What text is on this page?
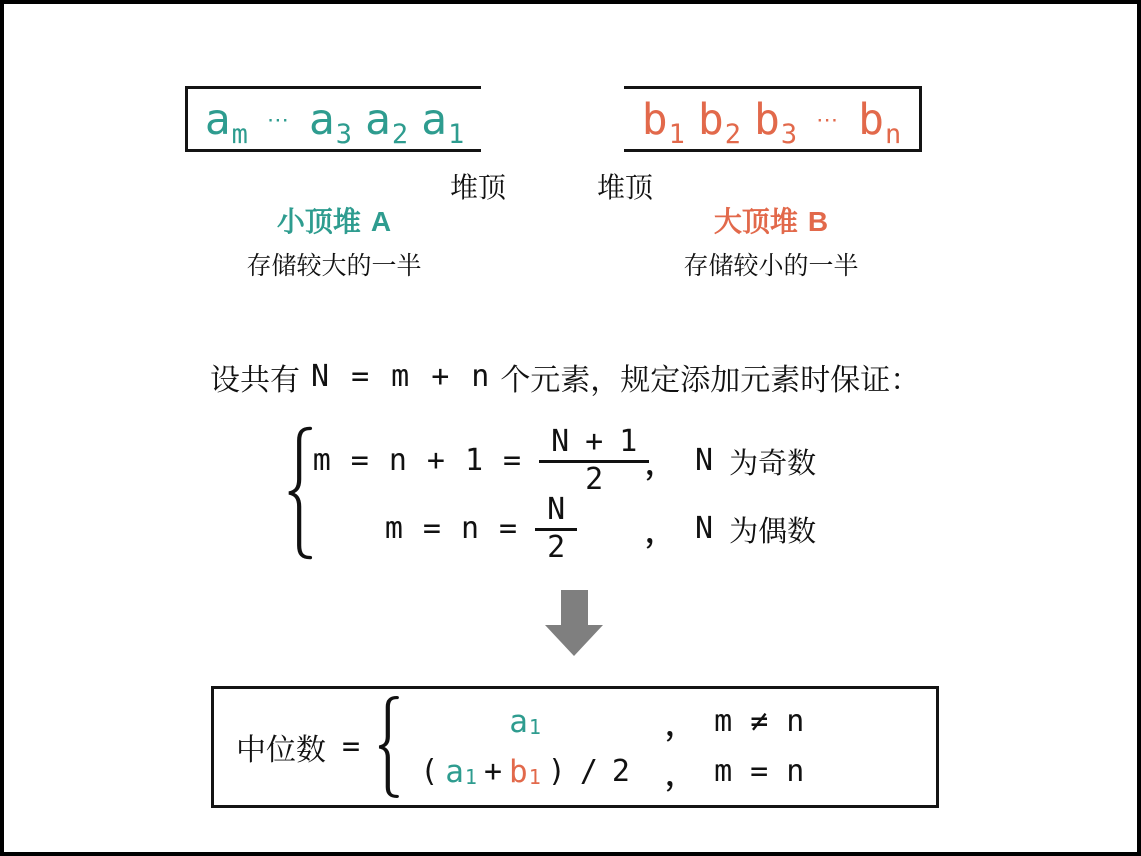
a m ⋯ a 3 a 2 a 1	b 1 b 2 b 3 ⋯ b n
堆顶	堆顶
小顶堆 A	大顶堆 B
存储较大的一半	存储较小的一半
设共有 N = m + n 个元素，规定添加元素时保证：
$m = n + 1 = \frac{N + 1}{2}$
， N 为奇数
$m = n = \frac{N}{2}$ ， N 为偶数
中位数 =
a 1	， m ≠ n
( a 1 + b 1 ) / 2 ， m = n
